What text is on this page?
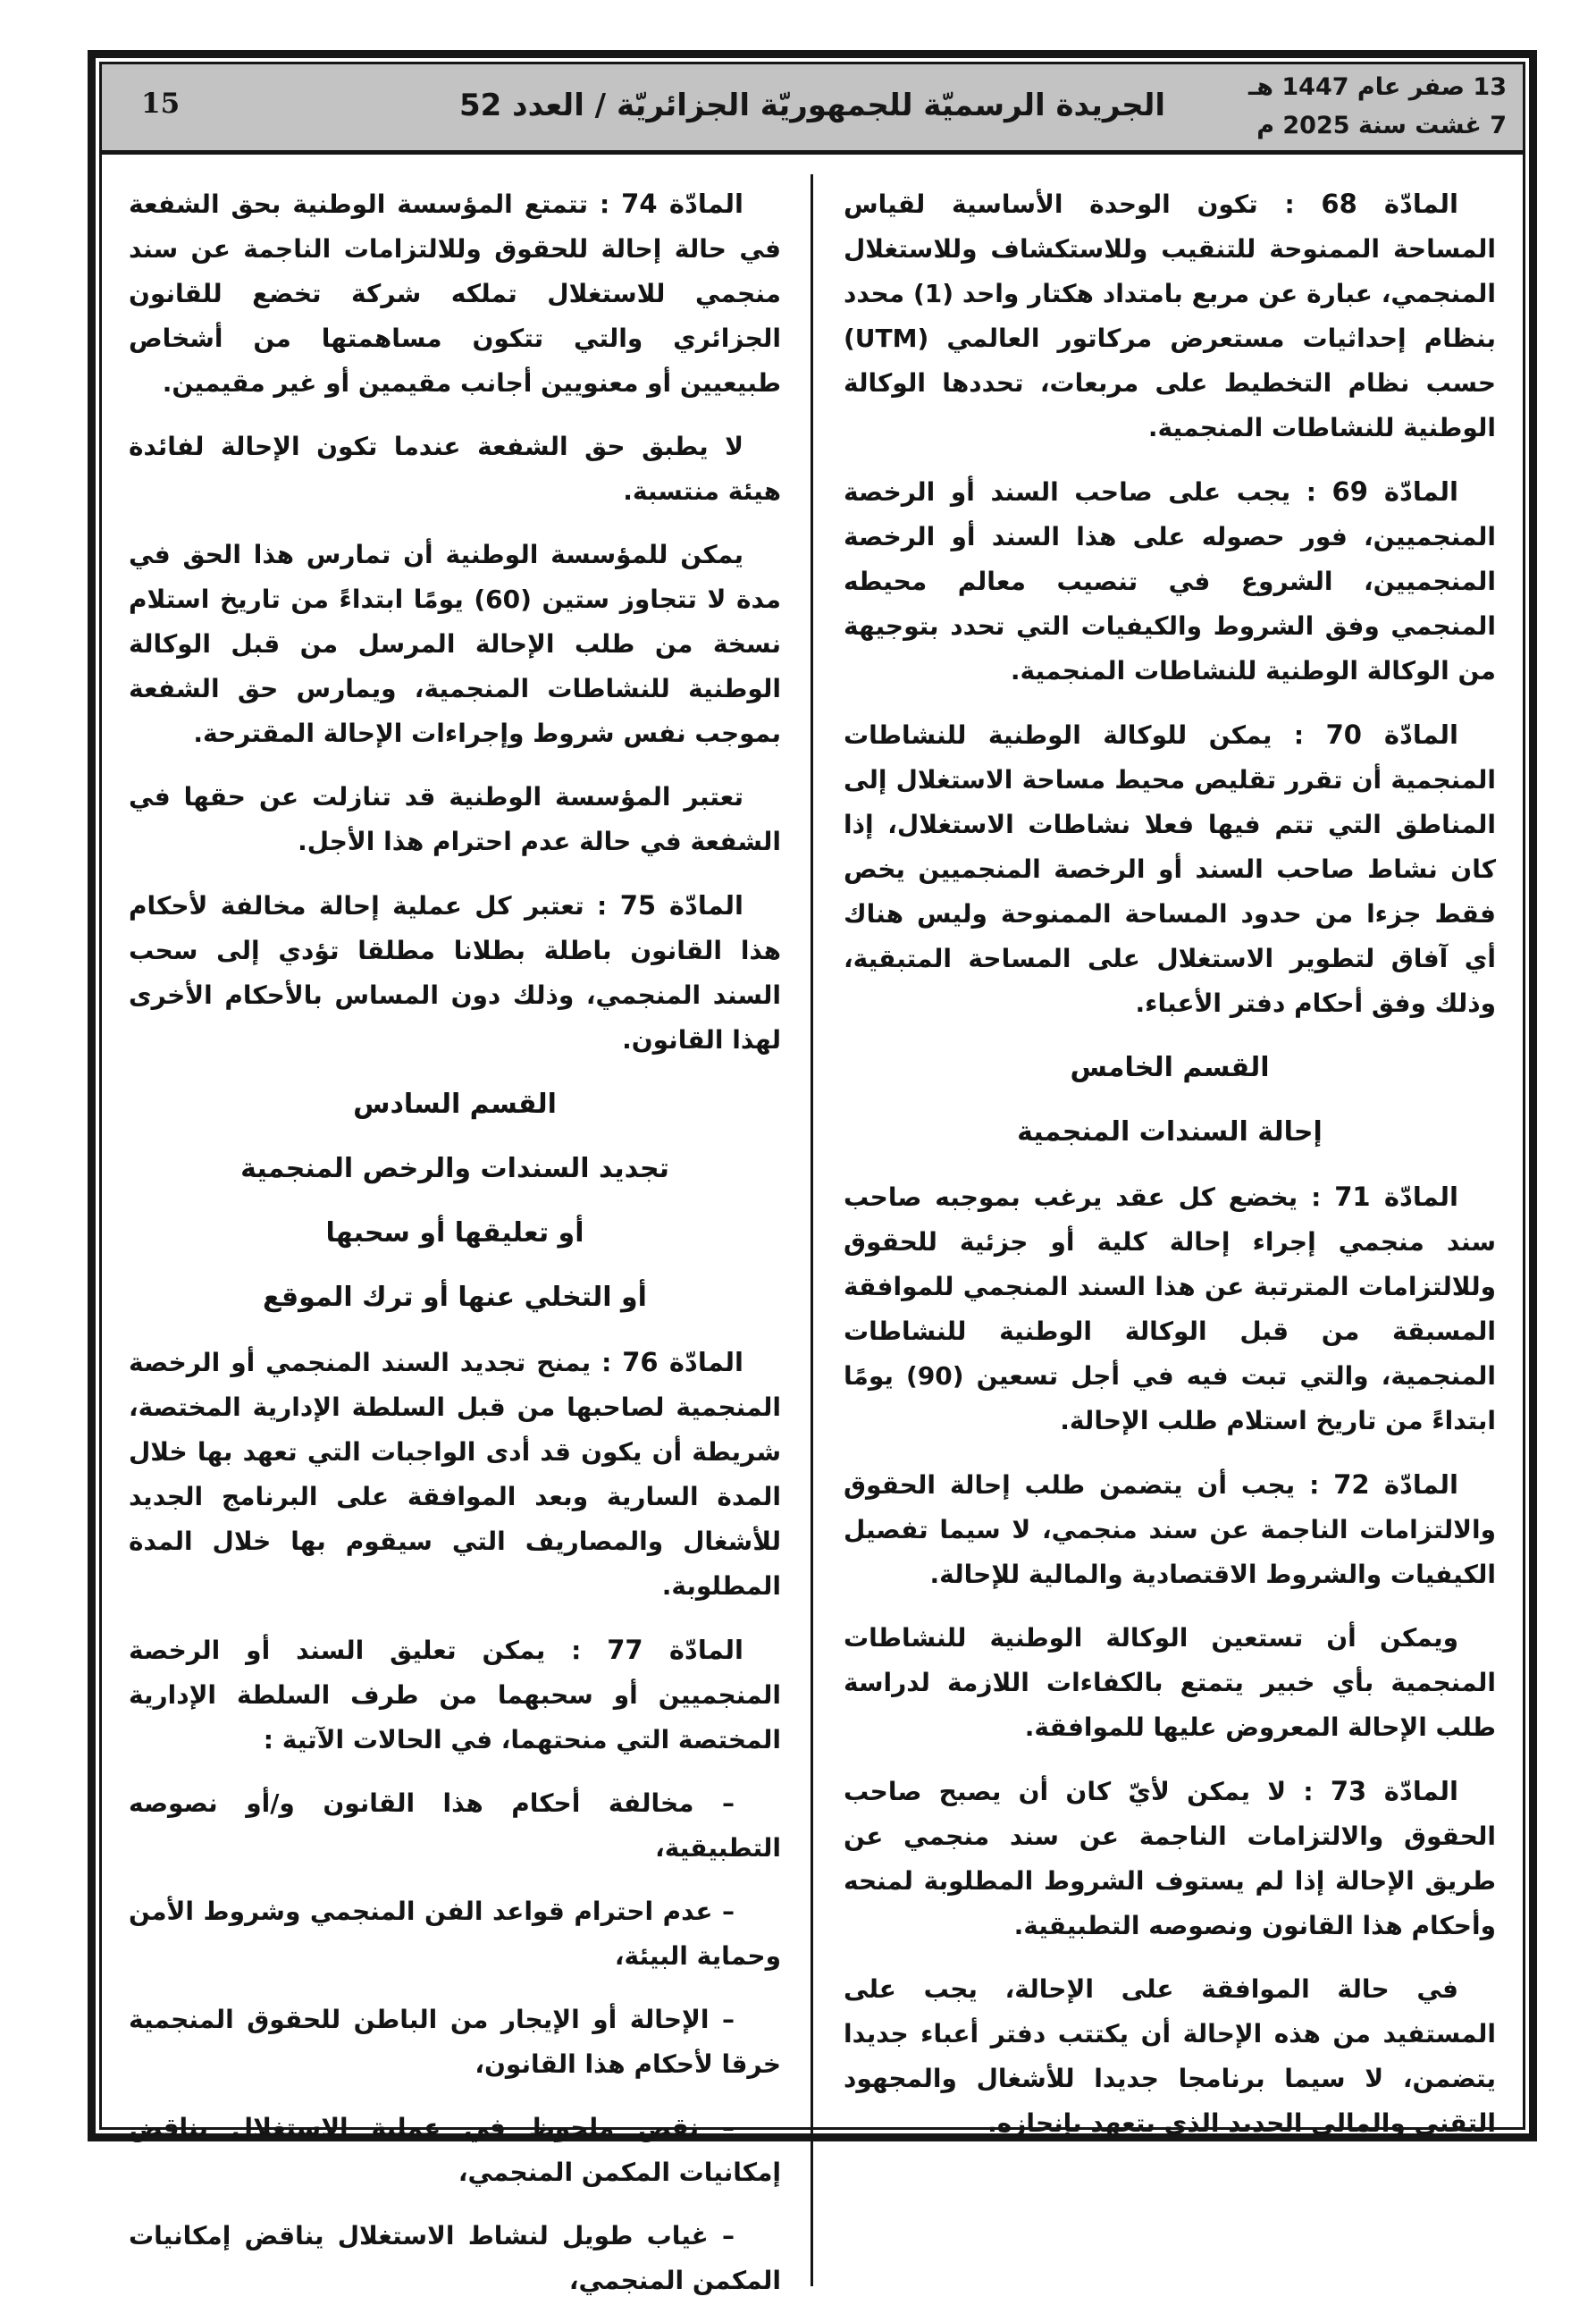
13 صفر عام 1447 هـ
7 غشت سنة 2025 م
الجريدة الرسميّة للجمهوريّة الجزائريّة / العدد 52
15

المادّة 68 : تكون الوحدة الأساسية لقياس المساحة الممنوحة للتنقيب وللاستكشاف وللاستغلال المنجمي، عبارة عن مربع بامتداد هكتار واحد (1) محدد بنظام إحداثيات مستعرض مركاتور العالمي (UTM) حسب نظام التخطيط على مربعات، تحددها الوكالة الوطنية للنشاطات المنجمية.

المادّة 69 : يجب على صاحب السند أو الرخصة المنجميين، فور حصوله على هذا السند أو الرخصة المنجميين، الشروع في تنصيب معالم محيطه المنجمي وفق الشروط والكيفيات التي تحدد بتوجيهة من الوكالة الوطنية للنشاطات المنجمية.

المادّة 70 : يمكن للوكالة الوطنية للنشاطات المنجمية أن تقرر تقليص محيط مساحة الاستغلال إلى المناطق التي تتم فيها فعلا نشاطات الاستغلال، إذا كان نشاط صاحب السند أو الرخصة المنجميين يخص فقط جزءا من حدود المساحة الممنوحة وليس هناك أي آفاق لتطوير الاستغلال على المساحة المتبقية، وذلك وفق أحكام دفتر الأعباء.

القسم الخامس

إحالة السندات المنجمية

المادّة 71 : يخضع كل عقد يرغب بموجبه صاحب سند منجمي إجراء إحالة كلية أو جزئية للحقوق وللالتزامات المترتبة عن هذا السند المنجمي للموافقة المسبقة من قبل الوكالة الوطنية للنشاطات المنجمية، والتي تبت فيه في أجل تسعين (90) يومًا ابتداءً من تاريخ استلام طلب الإحالة.

المادّة 72 : يجب أن يتضمن طلب إحالة الحقوق والالتزامات الناجمة عن سند منجمي، لا سيما تفصيل الكيفيات والشروط الاقتصادية والمالية للإحالة.

ويمكن أن تستعين الوكالة الوطنية للنشاطات المنجمية بأي خبير يتمتع بالكفاءات اللازمة لدراسة طلب الإحالة المعروض عليها للموافقة.

المادّة 73 : لا يمكن لأيّ كان أن يصبح صاحب الحقوق والالتزامات الناجمة عن سند منجمي عن طريق الإحالة إذا لم يستوف الشروط المطلوبة لمنحه وأحكام هذا القانون ونصوصه التطبيقية.

في حالة الموافقة على الإحالة، يجب على المستفيد من هذه الإحالة أن يكتتب دفتر أعباء جديدا يتضمن، لا سيما برنامجا جديدا للأشغال والمجهود التقني والمالي الجديد الذي يتعهد بإنجازه.

المادّة 74 : تتمتع المؤسسة الوطنية بحق الشفعة في حالة إحالة للحقوق وللالتزامات الناجمة عن سند منجمي للاستغلال تملكه شركة تخضع للقانون الجزائري والتي تتكون مساهمتها من أشخاص طبيعيين أو معنويين أجانب مقيمين أو غير مقيمين.

لا يطبق حق الشفعة عندما تكون الإحالة لفائدة هيئة منتسبة.

يمكن للمؤسسة الوطنية أن تمارس هذا الحق في مدة لا تتجاوز ستين (60) يومًا ابتداءً من تاريخ استلام نسخة من طلب الإحالة المرسل من قبل الوكالة الوطنية للنشاطات المنجمية، ويمارس حق الشفعة بموجب نفس شروط وإجراءات الإحالة المقترحة.

تعتبر المؤسسة الوطنية قد تنازلت عن حقها في الشفعة في حالة عدم احترام هذا الأجل.

المادّة 75 : تعتبر كل عملية إحالة مخالفة لأحكام هذا القانون باطلة بطلانا مطلقا تؤدي إلى سحب السند المنجمي، وذلك دون المساس بالأحكام الأخرى لهذا القانون.

القسم السادس

تجديد السندات والرخص المنجمية

أو تعليقها أو سحبها

أو التخلي عنها أو ترك الموقع

المادّة 76 : يمنح تجديد السند المنجمي أو الرخصة المنجمية لصاحبها من قبل السلطة الإدارية المختصة، شريطة أن يكون قد أدى الواجبات التي تعهد بها خلال المدة السارية وبعد الموافقة على البرنامج الجديد للأشغال والمصاريف التي سيقوم بها خلال المدة المطلوبة.

المادّة 77 : يمكن تعليق السند أو الرخصة المنجميين أو سحبهما من طرف السلطة الإدارية المختصة التي منحتهما، في الحالات الآتية :

– مخالفة أحكام هذا القانون و/أو نصوصه التطبيقية،

– عدم احترام قواعد الفن المنجمي وشروط الأمن وحماية البيئة،

– الإحالة أو الإيجار من الباطن للحقوق المنجمية خرقا لأحكام هذا القانون،

– نقص ملحوظ في عملية الاستغلال يناقض إمكانيات المكمن المنجمي،

– غياب طويل لنشاط الاستغلال يناقض إمكانيات المكمن المنجمي،
